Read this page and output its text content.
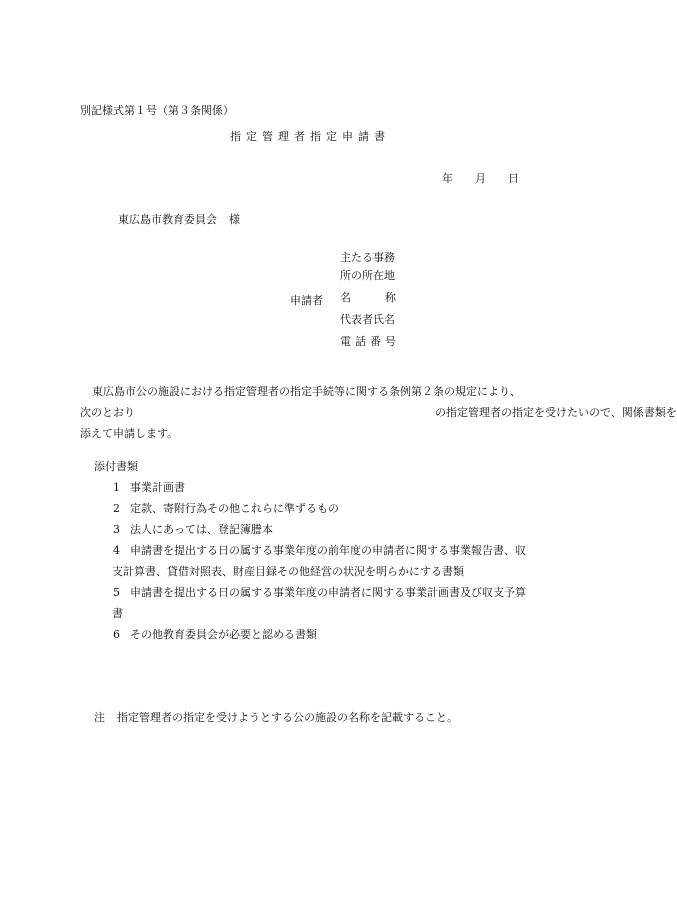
別記様式第１号（第３条関係）
指定管理者指定申請書
年 月 日
東広島市教育委員会 様
申請者
主たる事務
所の所在地
名	称
代表者氏名
電話番号
東広島市公の施設における指定管理者の指定手続等に関する条例第２条の規定により、
次のとおり	の指定管理者の指定を受けたいので、関係書類を
添えて申請します。
添付書類
1 事業計画書
2 定款、寄附行為その他これらに準ずるもの
3 法人にあっては、登記簿謄本
4 申請書を提出する日の属する事業年度の前年度の申請者に関する事業報告書、収
支計算書、貸借対照表、財産目録その他経営の状況を明らかにする書類
5 申請書を提出する日の属する事業年度の申請者に関する事業計画書及び収支予算
書
6 その他教育委員会が必要と認める書類
注 指定管理者の指定を受けようとする公の施設の名称を記載すること。
